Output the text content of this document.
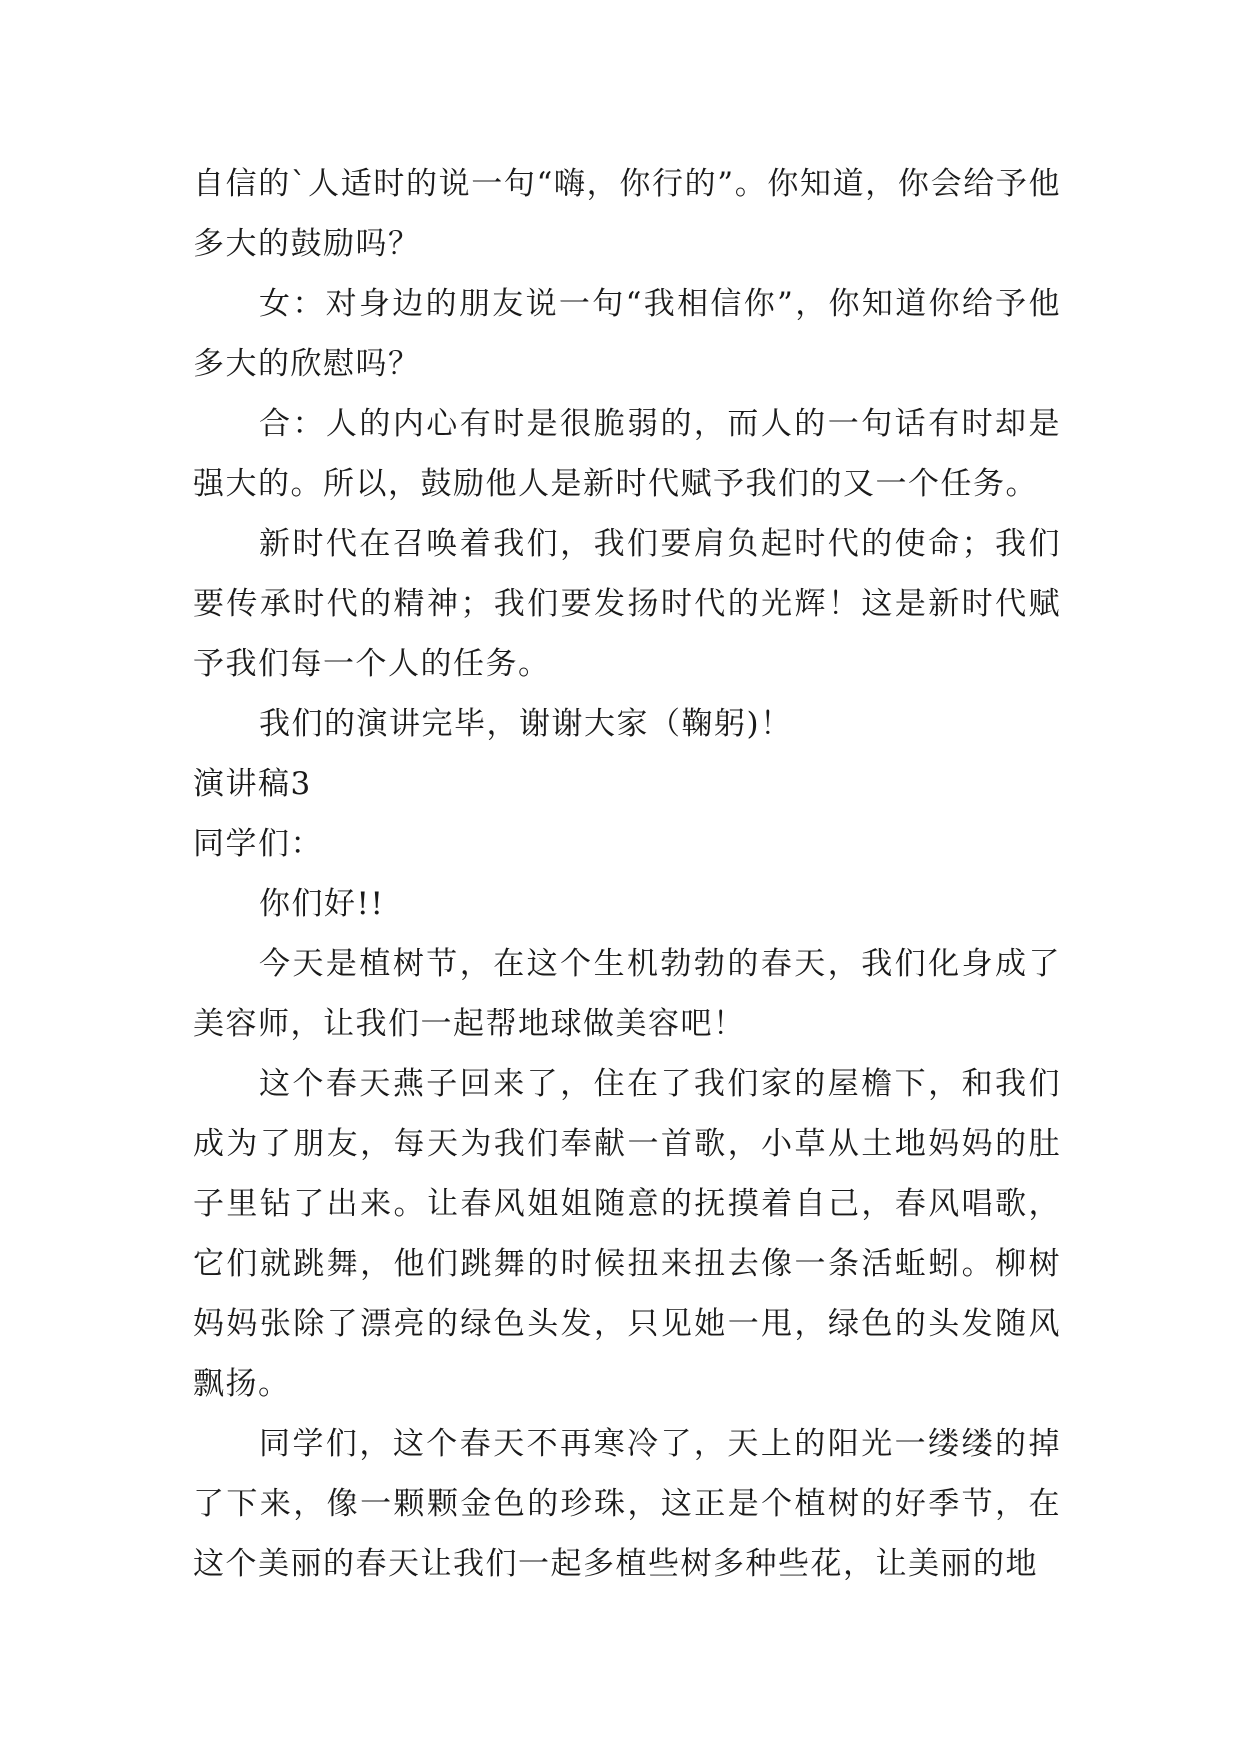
自信的`人适时的说一句“嗨，你行的”。你知道，你会给予他多大的鼓励吗？

女：对身边的朋友说一句“我相信你”，你知道你给予他多大的欣慰吗？

合：人的内心有时是很脆弱的，而人的一句话有时却是强大的。所以，鼓励他人是新时代赋予我们的又一个任务。

新时代在召唤着我们，我们要肩负起时代的使命；我们要传承时代的精神；我们要发扬时代的光辉！这是新时代赋予我们每一个人的任务。

我们的演讲完毕，谢谢大家（鞠躬)！

演讲稿3

同学们：

你们好!!

今天是植树节，在这个生机勃勃的春天，我们化身成了美容师，让我们一起帮地球做美容吧！

这个春天燕子回来了，住在了我们家的屋檐下，和我们成为了朋友，每天为我们奉献一首歌，小草从土地妈妈的肚子里钻了出来。让春风姐姐随意的抚摸着自己，春风唱歌，它们就跳舞，他们跳舞的时候扭来扭去像一条活蚯蚓。柳树妈妈张除了漂亮的绿色头发，只见她一甩，绿色的头发随风飘扬。

同学们，这个春天不再寒冷了，天上的阳光一缕缕的掉了下来，像一颗颗金色的珍珠，这正是个植树的好季节，在这个美丽的春天让我们一起多植些树多种些花，让美丽的地
